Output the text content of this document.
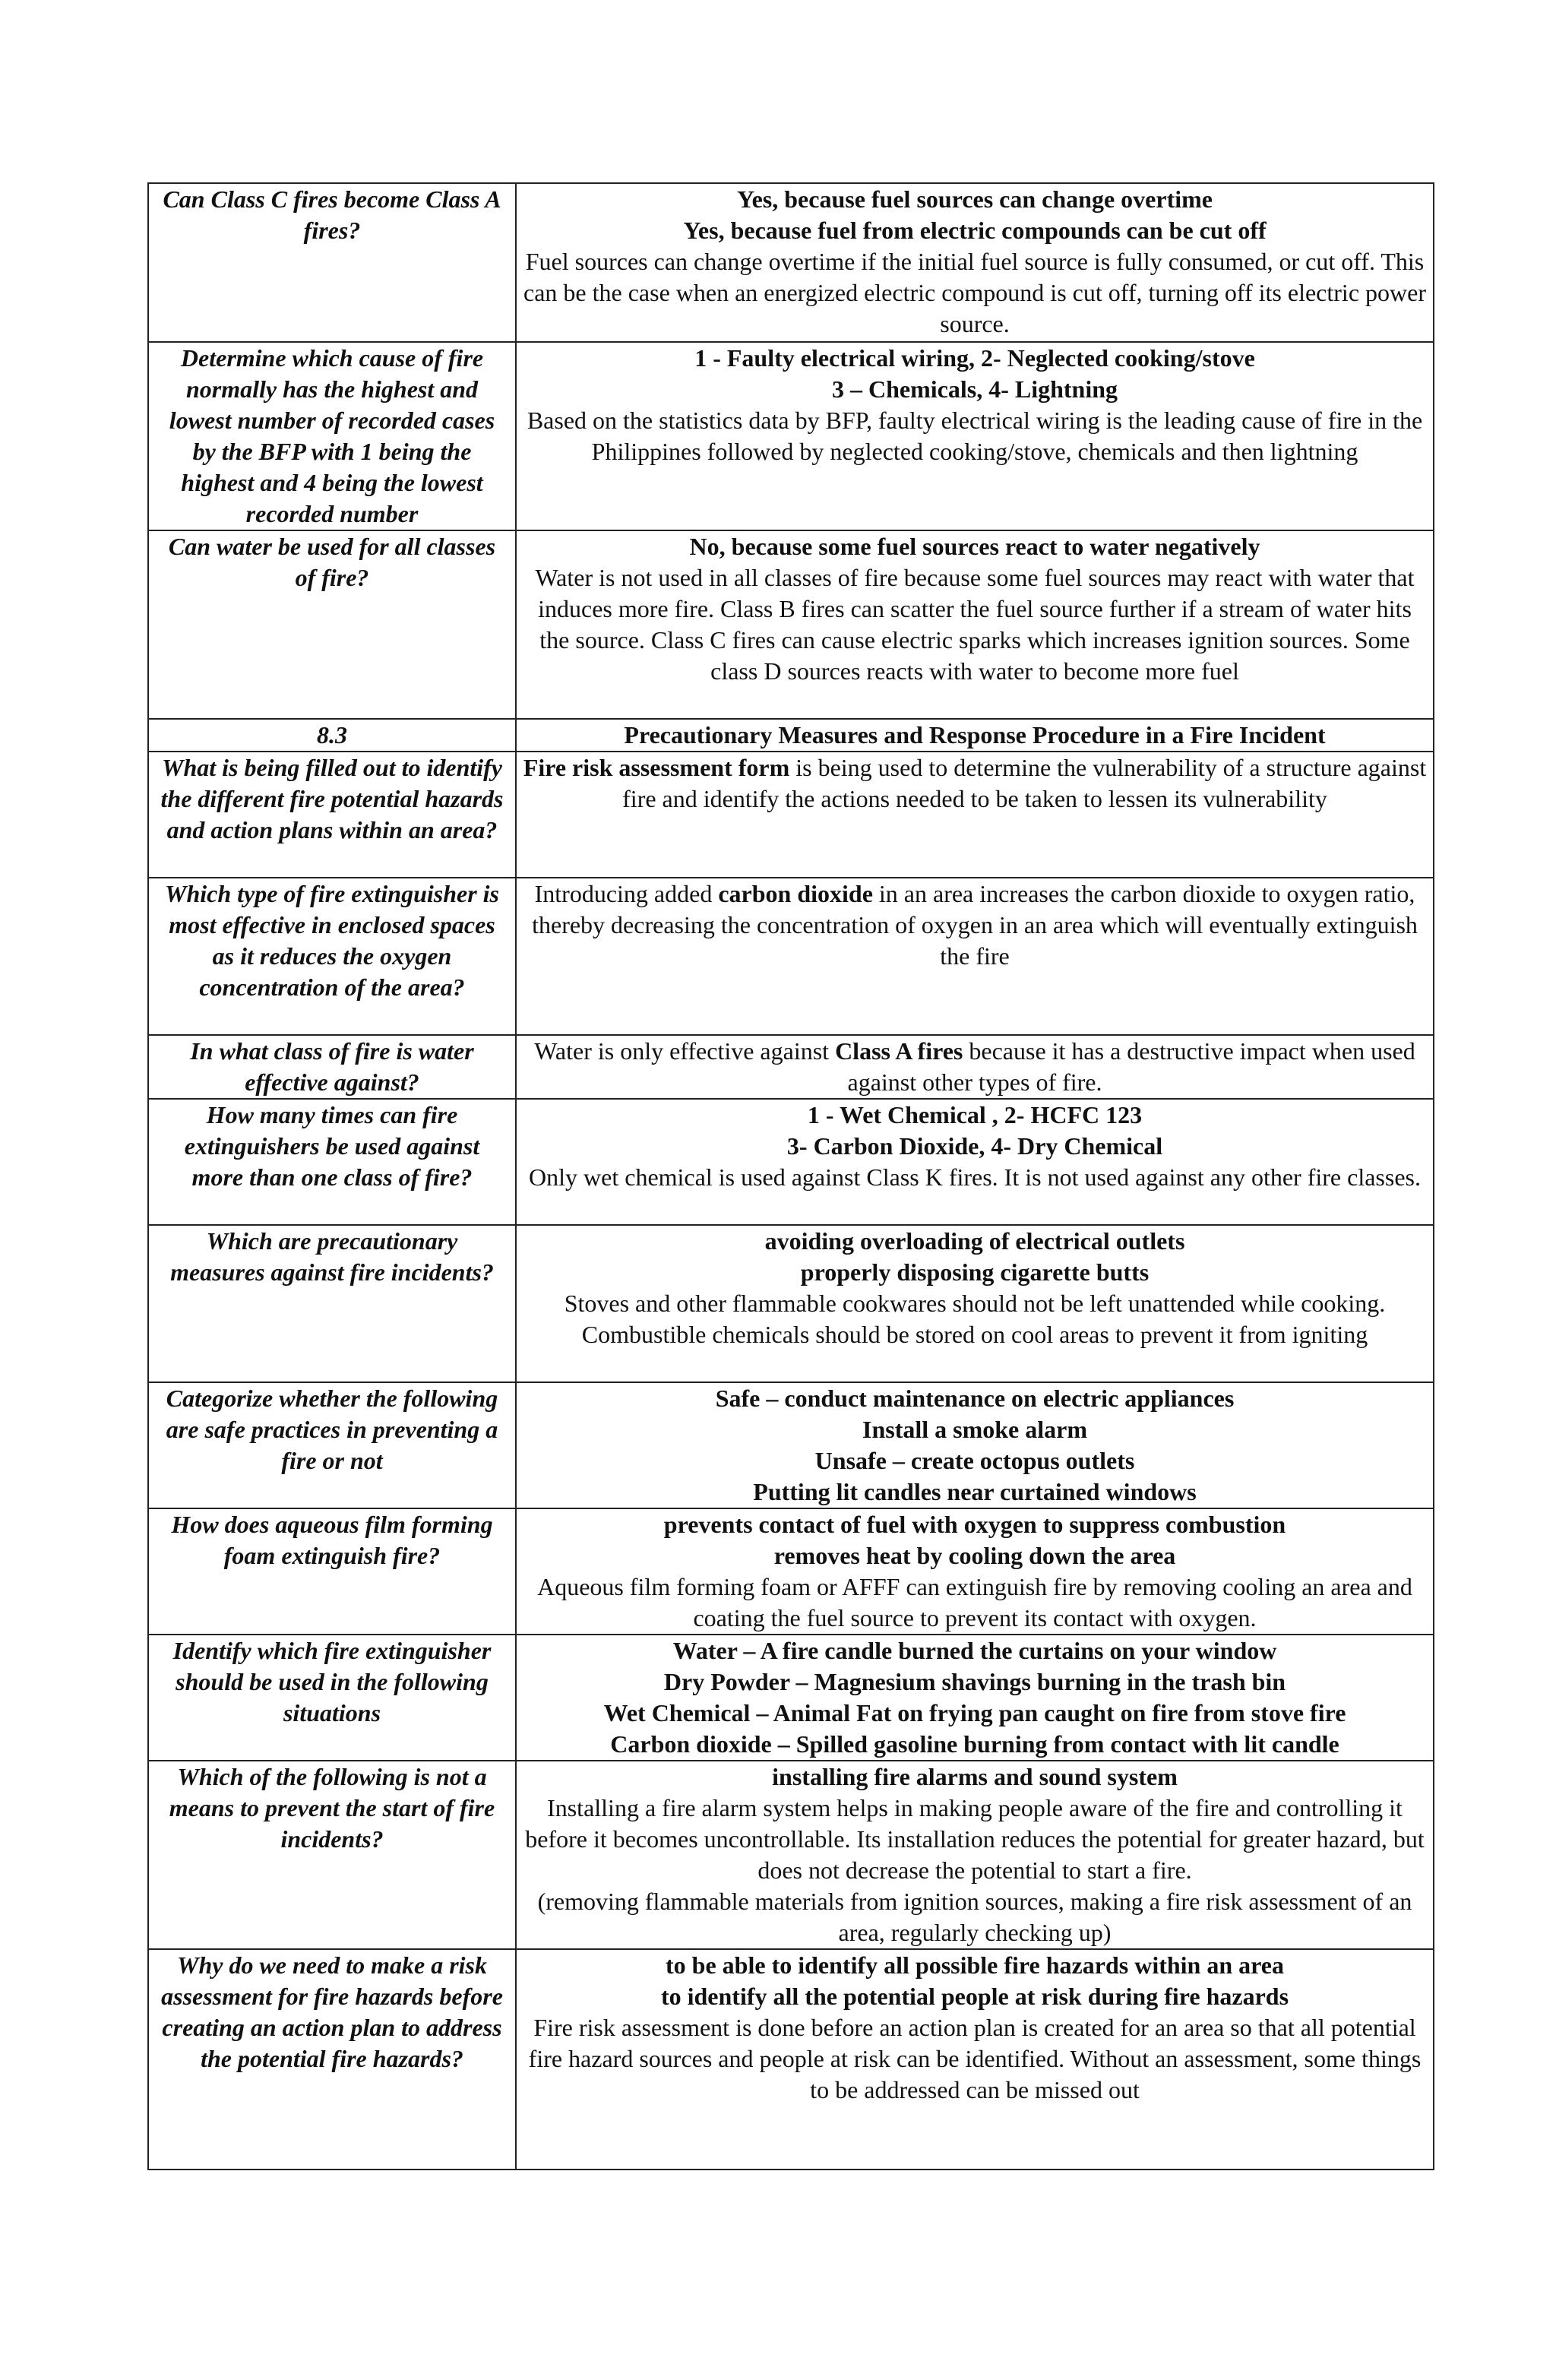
Can Class C fires become Class A fires?	Yes, because fuel sources can change overtime
Yes, because fuel from electric compounds can be cut off
Fuel sources can change overtime if the initial fuel source is fully consumed, or cut off. This can be the case when an energized electric compound is cut off, turning off its electric power source.

Determine which cause of fire normally has the highest and lowest number of recorded cases by the BFP with 1 being the highest and 4 being the lowest recorded number	1 - Faulty electrical wiring, 2- Neglected cooking/stove
3 – Chemicals, 4- Lightning
Based on the statistics data by BFP, faulty electrical wiring is the leading cause of fire in the Philippines followed by neglected cooking/stove, chemicals and then lightning

Can water be used for all classes of fire?	No, because some fuel sources react to water negatively
Water is not used in all classes of fire because some fuel sources may react with water that induces more fire. Class B fires can scatter the fuel source further if a stream of water hits the source. Class C fires can cause electric sparks which increases ignition sources. Some class D sources reacts with water to become more fuel

8.3	Precautionary Measures and Response Procedure in a Fire Incident

What is being filled out to identify the different fire potential hazards and action plans within an area?	Fire risk assessment form is being used to determine the vulnerability of a structure against fire and identify the actions needed to be taken to lessen its vulnerability

Which type of fire extinguisher is most effective in enclosed spaces as it reduces the oxygen concentration of the area?	Introducing added carbon dioxide in an area increases the carbon dioxide to oxygen ratio, thereby decreasing the concentration of oxygen in an area which will eventually extinguish the fire

In what class of fire is water effective against?	Water is only effective against Class A fires because it has a destructive impact when used against other types of fire.

How many times can fire extinguishers be used against more than one class of fire?	1 - Wet Chemical , 2- HCFC 123
3- Carbon Dioxide, 4- Dry Chemical
Only wet chemical is used against Class K fires. It is not used against any other fire classes.

Which are precautionary measures against fire incidents?	avoiding overloading of electrical outlets
properly disposing cigarette butts
Stoves and other flammable cookwares should not be left unattended while cooking. Combustible chemicals should be stored on cool areas to prevent it from igniting

Categorize whether the following are safe practices in preventing a fire or not	Safe – conduct maintenance on electric appliances
Install a smoke alarm
Unsafe – create octopus outlets
Putting lit candles near curtained windows

How does aqueous film forming foam extinguish fire?	prevents contact of fuel with oxygen to suppress combustion
removes heat by cooling down the area
Aqueous film forming foam or AFFF can extinguish fire by removing cooling an area and coating the fuel source to prevent its contact with oxygen.

Identify which fire extinguisher should be used in the following situations	Water – A fire candle burned the curtains on your window
Dry Powder – Magnesium shavings burning in the trash bin
Wet Chemical – Animal Fat on frying pan caught on fire from stove fire
Carbon dioxide – Spilled gasoline burning from contact with lit candle

Which of the following is not a means to prevent the start of fire incidents?	installing fire alarms and sound system
Installing a fire alarm system helps in making people aware of the fire and controlling it before it becomes uncontrollable. Its installation reduces the potential for greater hazard, but does not decrease the potential to start a fire.
(removing flammable materials from ignition sources, making a fire risk assessment of an area, regularly checking up)

Why do we need to make a risk assessment for fire hazards before creating an action plan to address the potential fire hazards?	to be able to identify all possible fire hazards within an area
to identify all the potential people at risk during fire hazards
Fire risk assessment is done before an action plan is created for an area so that all potential fire hazard sources and people at risk can be identified. Without an assessment, some things to be addressed can be missed out
